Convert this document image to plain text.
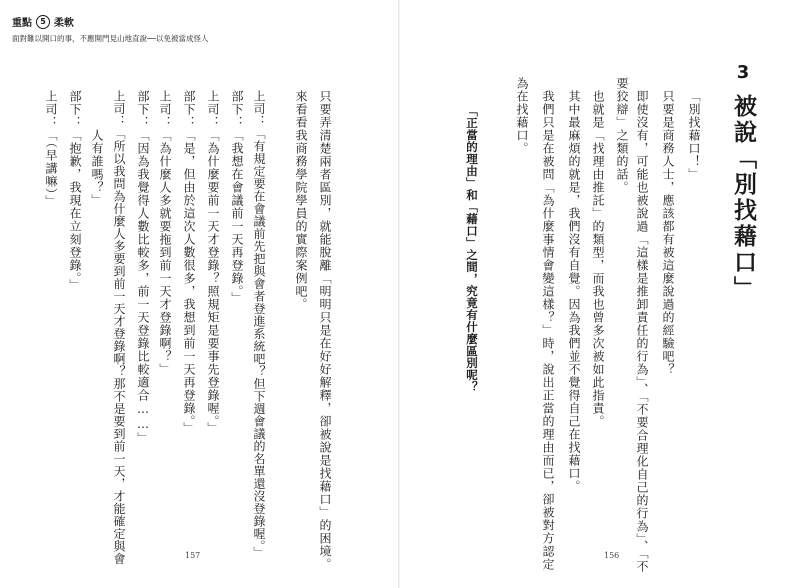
重點	5 柔軟
面對難以開口的事，不應開門見山地直說──以免被當成怪人
157	156
3
被說「別找藉口」
「別找藉口！」
只要是商務人士，應該都有被這麼說過的經驗吧？
即使沒有，可能也被說過「這樣是推卸責任的行為」、「不要合理化自己的行為」、「不
要狡辯」之類的話。
也就是「找理由推託」的類型，而我也曾多次被如此指責。
其中最麻煩的就是，我們沒有自覺。因為我們並不覺得自己在找藉口。
我們只是在被問「為什麼事情會變這樣？」時，說出正當的理由而已，卻被對方認定
為在找藉口。
「正當的理由」和「藉口」之間，究竟有什麼區別呢？
只要弄清楚兩者區別，就能脫離「明明只是在好好解釋，卻被說是找藉口」的困境。
來看看我商務學院學員的實際案例吧。
上司：「有規定要在會議前先把與會者登進系統吧？但下週會議的名單還沒登錄喔。」
部下：「我想在會議前一天再登錄。」
上司：「為什麼要前一天才登錄？照規矩是要事先登錄喔。」
部下：「是，但由於這次人數很多，我想到前一天再登錄。」
上司：「為什麼人多就要拖到前一天才登錄啊？」
部下：「因為我覺得人數比較多，前一天登錄比較適合……」
上司：「所以我問為什麼人多要到前一天才登錄啊？那不是要到前一天，才能確定與會
　　　人有誰嗎？」
部下：「抱歉，我現在立刻登錄。」
上司：「（早講嘛）」
